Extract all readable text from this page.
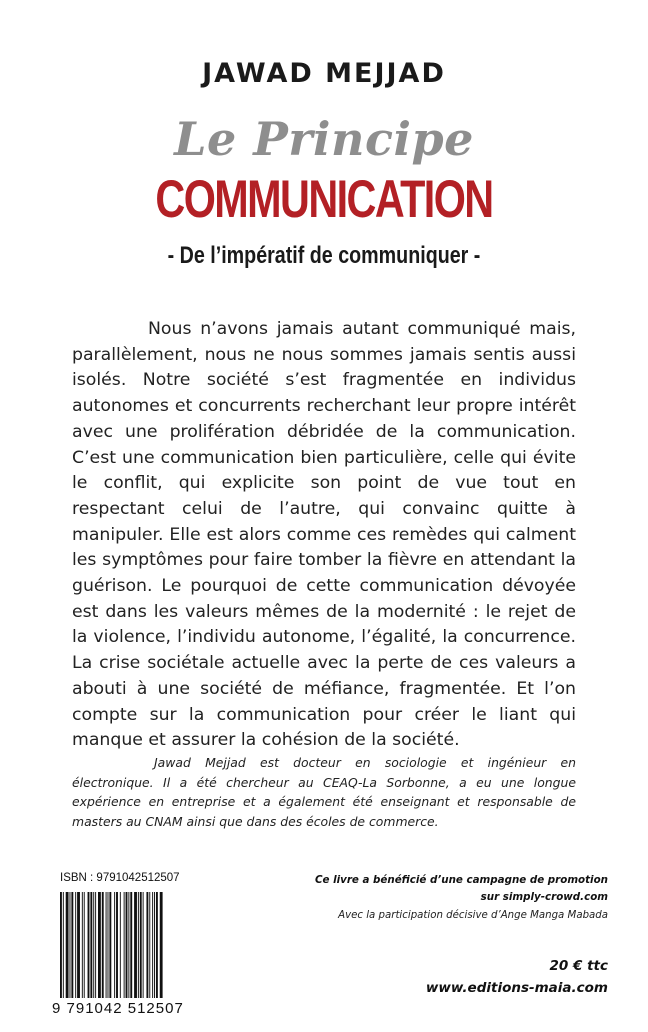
JAWAD MEJJAD
Le Principe
COMMUNICATION
- De l’impératif de communiquer -

Nous n’avons jamais autant communiqué mais, parallèlement, nous ne nous sommes jamais sentis aussi isolés. Notre société s’est fragmentée en individus autonomes et concurrents recherchant leur propre intérêt avec une prolifération débridée de la communication. C’est une communication bien particulière, celle qui évite le conflit, qui explicite son point de vue tout en respectant celui de l’autre, qui convainc quitte à manipuler. Elle est alors comme ces remèdes qui calment les symptômes pour faire tomber la fièvre en attendant la guérison. Le pourquoi de cette communication dévoyée est dans les valeurs mêmes de la modernité : le rejet de la violence, l’individu autonome, l’égalité, la concurrence. La crise sociétale actuelle avec la perte de ces valeurs a abouti à une société de méfiance, fragmentée. Et l’on compte sur la communication pour créer le liant qui manque et assurer la cohésion de la société.

Jawad Mejjad est docteur en sociologie et ingénieur en électronique. Il a été chercheur au CEAQ-La Sorbonne, a eu une longue expérience en entreprise et a également été enseignant et responsable de masters au CNAM ainsi que dans des écoles de commerce.

ISBN : 9791042512507
9 791042 512507
Ce livre a bénéficié d’une campagne de promotion
sur simply-crowd.com
Avec la participation décisive d’Ange Manga Mabada
20 € ttc
www.editions-maia.com
